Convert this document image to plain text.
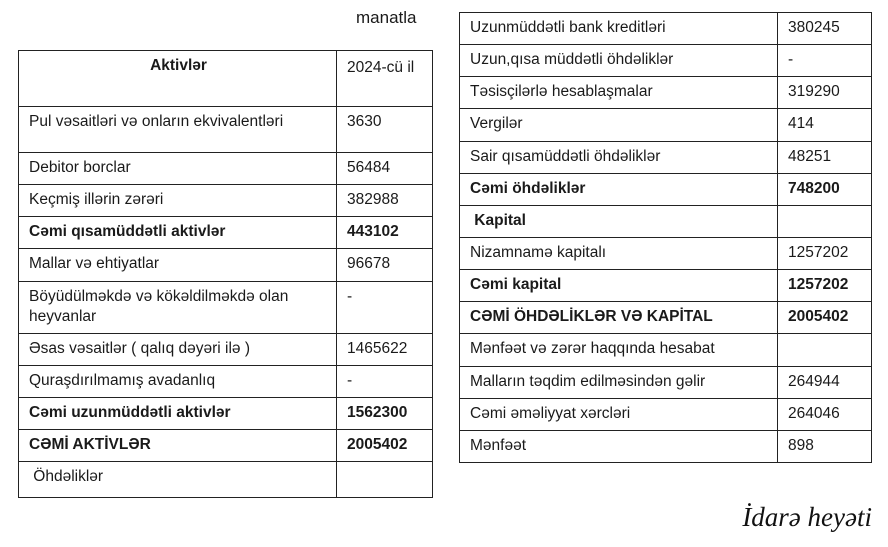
manatla
Aktivlər	2024-cü il
Pul vəsaitləri və onların ekvivalentləri	3630
Debitor borclar	56484
Keçmiş illərin zərəri	382988
Cəmi qısamüddətli aktivlər	443102
Mallar və ehtiyatlar	96678
Böyüdülməkdə və kökəldilməkdə olan heyvanlar	-
Əsas vəsaitlər ( qalıq dəyəri ilə )	1465622
Quraşdırılmamış avadanlıq	-
Cəmi uzunmüddətli aktivlər	1562300
CƏMİ AKTİVLƏR	2005402
Öhdəliklər	
Uzunmüddətli bank kreditləri	380245
Uzun,qısa müddətli öhdəliklər	-
Təsisçilərlə hesablaşmalar	319290
Vergilər	414
Sair qısamüddətli öhdəliklər	48251
Cəmi öhdəliklər	748200
Kapital	
Nizamnamə kapitalı	1257202
Cəmi kapital	1257202
CƏMİ ÖHDƏLİKLƏR VƏ KAPİTAL	2005402
Mənfəət və zərər haqqında hesabat	
Malların təqdim edilməsindən gəlir	264944
Cəmi əməliyyat xərcləri	264046
Mənfəət	898
İdarə heyəti
